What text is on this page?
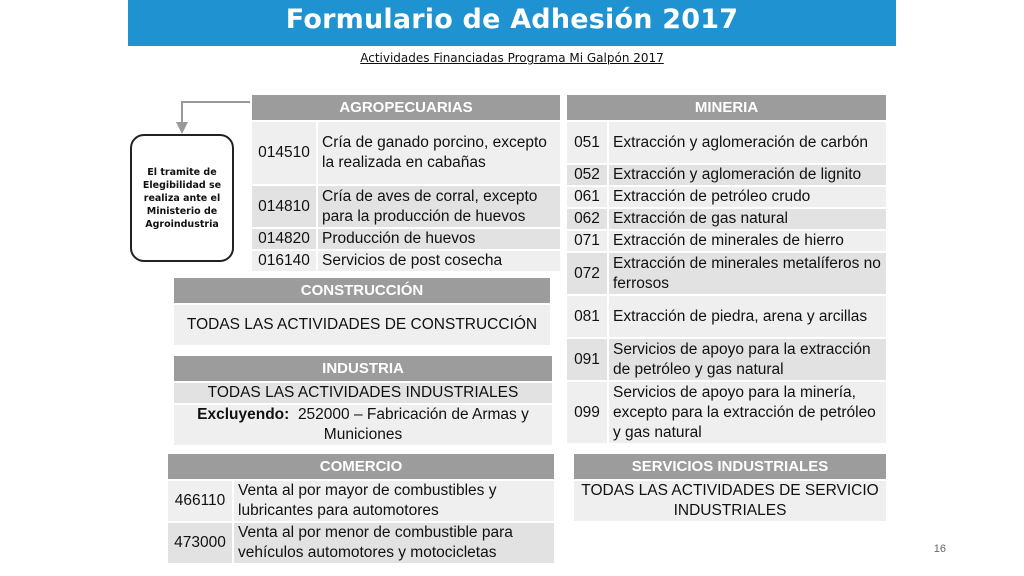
Formulario de Adhesión 2017
Actividades Financiadas Programa Mi Galpón 2017
El tramite de Elegibilidad se realiza ante el Ministerio de Agroindustria
AGROPECUARIAS	
014510	Cría de ganado porcino, excepto la realizada en cabañas
014810	Cría de aves de corral, excepto para la producción de huevos
014820	Producción de huevos
016140	Servicios de post cosecha
MINERIA	
051	Extracción y aglomeración de carbón
052	Extracción y aglomeración de lignito
061	Extracción de petróleo crudo
062	Extracción de gas natural
071	Extracción de minerales de hierro
072	Extracción de minerales metalíferos no ferrosos
081	Extracción de piedra, arena y arcillas
091	Servicios de apoyo para la extracción de petróleo y gas natural
099	Servicios de apoyo para la minería, excepto para la extracción de petróleo y gas natural
CONSTRUCCIÓN
TODAS LAS ACTIVIDADES DE CONSTRUCCIÓN
INDUSTRIA
TODAS LAS ACTIVIDADES INDUSTRIALES
Excluyendo: 252000 – Fabricación de Armas y Municiones
COMERCIO	
466110	Venta al por mayor de combustibles y lubricantes para automotores
473000	Venta al por menor de combustible para vehículos automotores y motocicletas
SERVICIOS INDUSTRIALES
TODAS LAS ACTIVIDADES DE SERVICIO INDUSTRIALES
16
